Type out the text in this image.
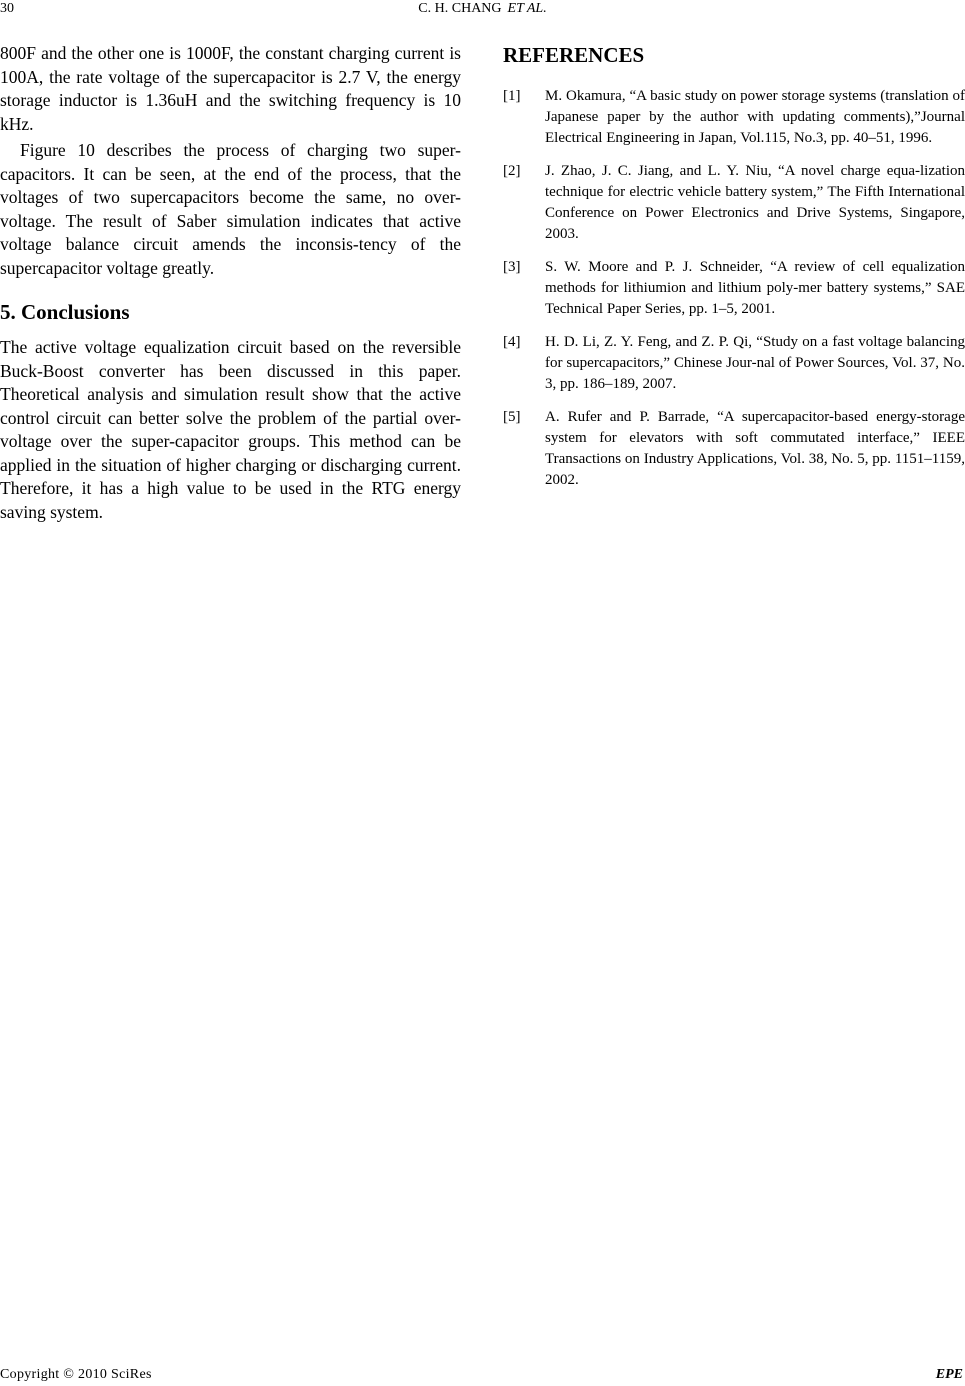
30	C. H. CHANG ET AL.

800F and the other one is 1000F, the constant charging current is 100A, the rate voltage of the supercapacitor is 2.7 V, the energy storage inductor is 1.36uH and the switching frequency is 10 kHz.

Figure 10 describes the process of charging two super-capacitors. It can be seen, at the end of the process, that the voltages of two supercapacitors become the same, no over-voltage. The result of Saber simulation indicates that active voltage balance circuit amends the inconsis-tency of the supercapacitor voltage greatly.

5. Conclusions

The active voltage equalization circuit based on the reversible Buck-Boost converter has been discussed in this paper. Theoretical analysis and simulation result show that the active control circuit can better solve the problem of the partial over-voltage over the super-capacitor groups. This method can be applied in the situation of higher charging or discharging current. Therefore, it has a high value to be used in the RTG energy saving system.

REFERENCES
[1] M. Okamura, “A basic study on power storage systems (translation of Japanese paper by the author with updating comments),”Journal Electrical Engineering in Japan, Vol.115, No.3, pp. 40–51, 1996.
[2] J. Zhao, J. C. Jiang, and L. Y. Niu, “A novel charge equa-lization technique for electric vehicle battery system,” The Fifth International Conference on Power Electronics and Drive Systems, Singapore, 2003.
[3] S. W. Moore and P. J. Schneider, “A review of cell equalization methods for lithiumion and lithium poly-mer battery systems,” SAE Technical Paper Series, pp. 1–5, 2001.
[4] H. D. Li, Z. Y. Feng, and Z. P. Qi, “Study on a fast voltage balancing for supercapacitors,” Chinese Jour-nal of Power Sources, Vol. 37, No. 3, pp. 186–189, 2007.
[5] A. Rufer and P. Barrade, “A supercapacitor-based energy-storage system for elevators with soft commutated interface,” IEEE Transactions on Industry Applications, Vol. 38, No. 5, pp. 1151–1159, 2002.
Copyright © 2010 SciRes	EPE
